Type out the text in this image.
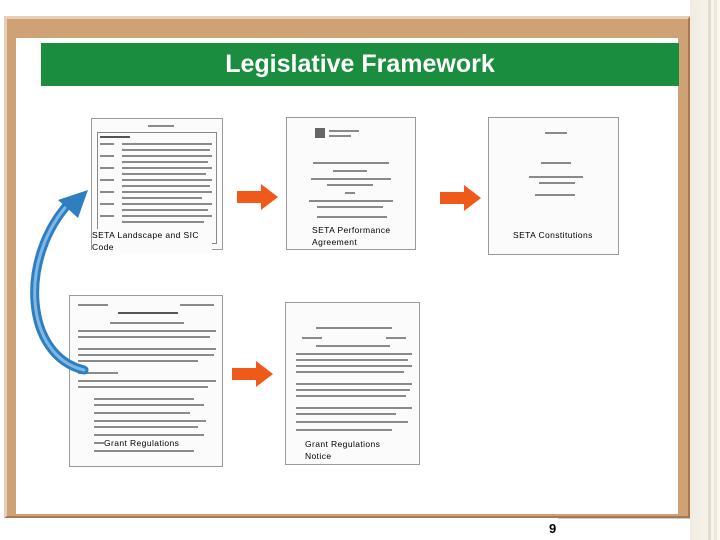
Legislative Framework
SETA Landscape and SIC Code
SETA Performance Agreement
SETA Constitutions
Grant Regulations	Grant Regulations Notice
9
